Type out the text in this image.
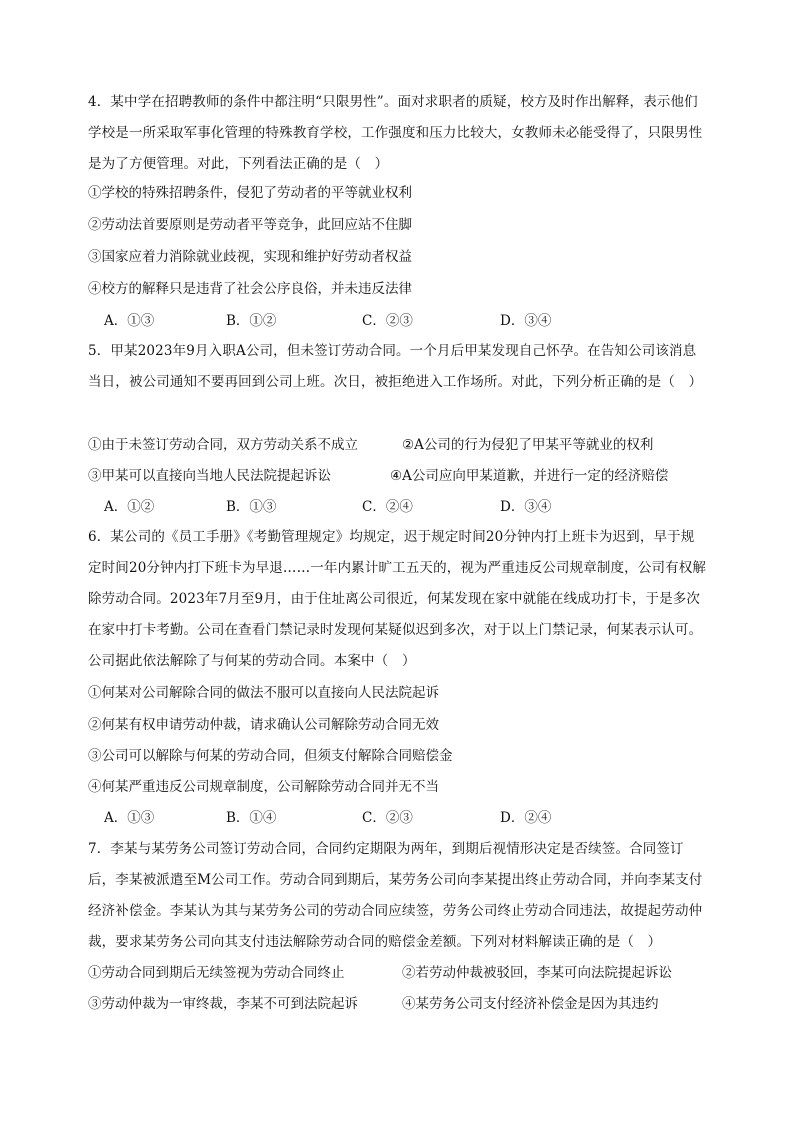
4．某中学在招聘教师的条件中都注明“只限男性”。面对求职者的质疑，校方及时作出解释，表示他们学校是一所采取军事化管理的特殊教育学校，工作强度和压力比较大，女教师未必能受得了，只限男性是为了方便管理。对此，下列看法正确的是（　）
①学校的特殊招聘条件，侵犯了劳动者的平等就业权利
②劳动法首要原则是劳动者平等竞争，此回应站不住脚
③国家应着力消除就业歧视，实现和维护好劳动者权益
④校方的解释只是违背了社会公序良俗，并未违反法律
A．①③	B．①②	C．②③	D．③④
5．甲某2023年9月入职A公司，但未签订劳动合同。一个月后甲某发现自己怀孕。在告知公司该消息当日，被公司通知不要再回到公司上班。次日，被拒绝进入工作场所。对此，下列分析正确的是（　）
①由于未签订劳动合同，双方劳动关系不成立	②A公司的行为侵犯了甲某平等就业的权利
③甲某可以直接向当地人民法院提起诉讼	④A公司应向甲某道歉，并进行一定的经济赔偿
A．①②	B．①③	C．②④	D．③④
6．某公司的《员工手册》《考勤管理规定》均规定，迟于规定时间20分钟内打上班卡为迟到，早于规定时间20分钟内打下班卡为早退……一年内累计旷工五天的，视为严重违反公司规章制度，公司有权解除劳动合同。2023年7月至9月，由于住址离公司很近，何某发现在家中就能在线成功打卡，于是多次在家中打卡考勤。公司在查看门禁记录时发现何某疑似迟到多次，对于以上门禁记录，何某表示认可。公司据此依法解除了与何某的劳动合同。本案中（　）
①何某对公司解除合同的做法不服可以直接向人民法院起诉
②何某有权申请劳动仲裁，请求确认公司解除劳动合同无效
③公司可以解除与何某的劳动合同，但须支付解除合同赔偿金
④何某严重违反公司规章制度，公司解除劳动合同并无不当
A．①③	B．①④	C．②③	D．②④
7．李某与某劳务公司签订劳动合同，合同约定期限为两年，到期后视情形决定是否续签。合同签订后，李某被派遣至M公司工作。劳动合同到期后，某劳务公司向李某提出终止劳动合同，并向李某支付经济补偿金。李某认为其与某劳务公司的劳动合同应续签，劳务公司终止劳动合同违法，故提起劳动仲裁，要求某劳务公司向其支付违法解除劳动合同的赔偿金差额。下列对材料解读正确的是（　）
①劳动合同到期后无续签视为劳动合同终止	②若劳动仲裁被驳回，李某可向法院提起诉讼
③劳动仲裁为一审终裁，李某不可到法院起诉	④某劳务公司支付经济补偿金是因为其违约
